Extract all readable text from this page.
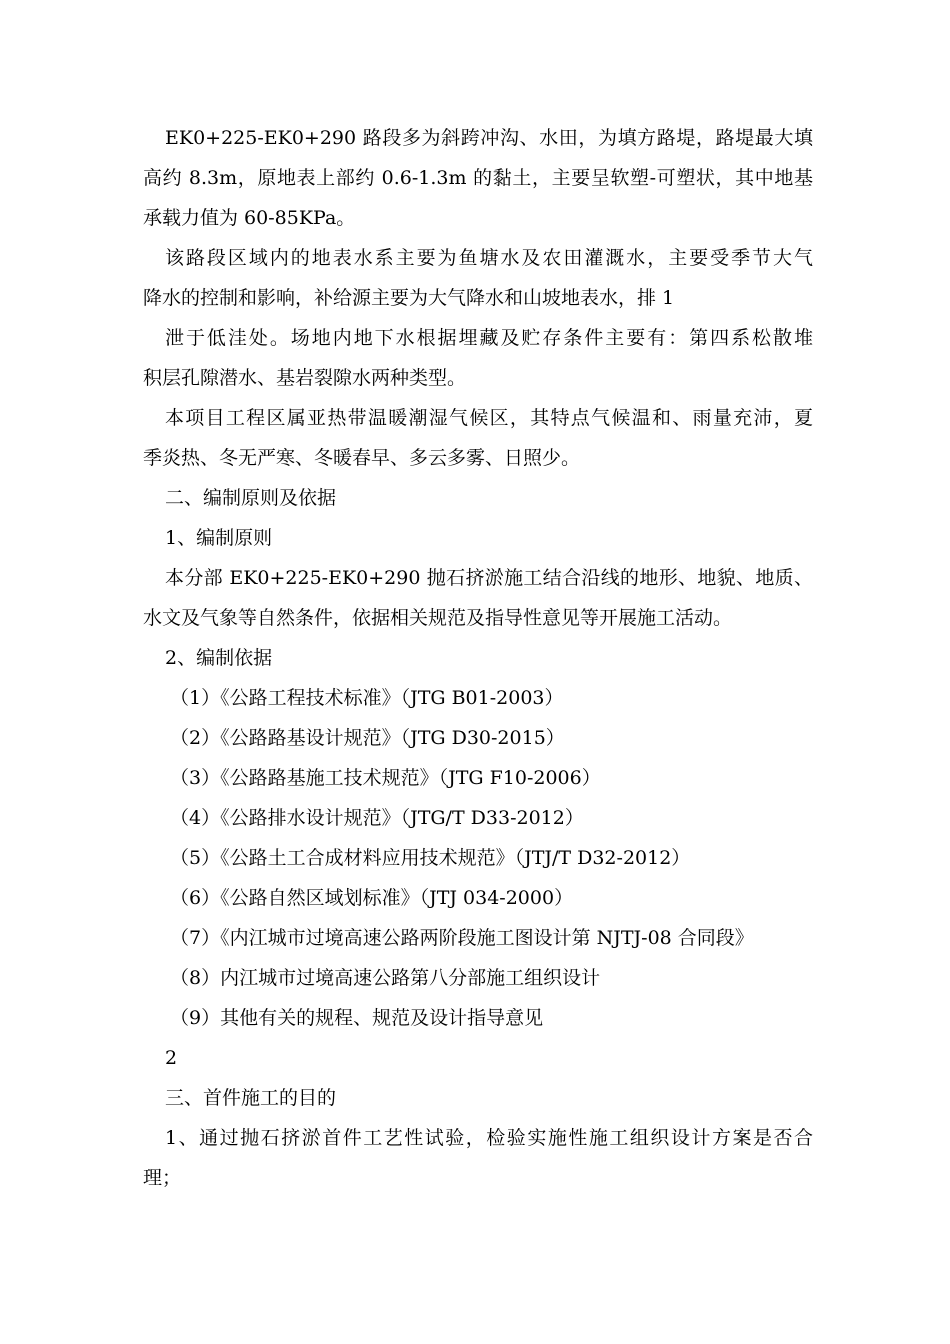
EK0+225-EK0+290 路段多为斜跨冲沟、水田，为填方路堤，路堤最大填
高约 8.3m，原地表上部约 0.6-1.3m 的黏土，主要呈软塑-可塑状，其中地基
承载力值为 60-85KPa。
该路段区域内的地表水系主要为鱼塘水及农田灌溉水，主要受季节大气
降水的控制和影响，补给源主要为大气降水和山坡地表水，排 1
泄于低洼处。场地内地下水根据埋藏及贮存条件主要有：第四系松散堆
积层孔隙潜水、基岩裂隙水两种类型。
本项目工程区属亚热带温暖潮湿气候区，其特点气候温和、雨量充沛，夏
季炎热、冬无严寒、冬暖春早、多云多雾、日照少。
二、编制原则及依据
1、编制原则
本分部 EK0+225-EK0+290 抛石挤淤施工结合沿线的地形、地貌、地质、
水文及气象等自然条件，依据相关规范及指导性意见等开展施工活动。
2、编制依据
（1）《公路工程技术标准》（JTG B01-2003）
（2）《公路路基设计规范》（JTG D30-2015）
（3）《公路路基施工技术规范》（JTG F10-2006）
（4）《公路排水设计规范》（JTG/T D33-2012）
（5）《公路土工合成材料应用技术规范》（JTJ/T D32-2012）
（6）《公路自然区域划标准》（JTJ 034-2000）
（7）《内江城市过境高速公路两阶段施工图设计第 NJTJ-08 合同段》
（8）内江城市过境高速公路第八分部施工组织设计
（9）其他有关的规程、规范及设计指导意见
2
三、首件施工的目的
1、通过抛石挤淤首件工艺性试验，检验实施性施工组织设计方案是否合
理；
